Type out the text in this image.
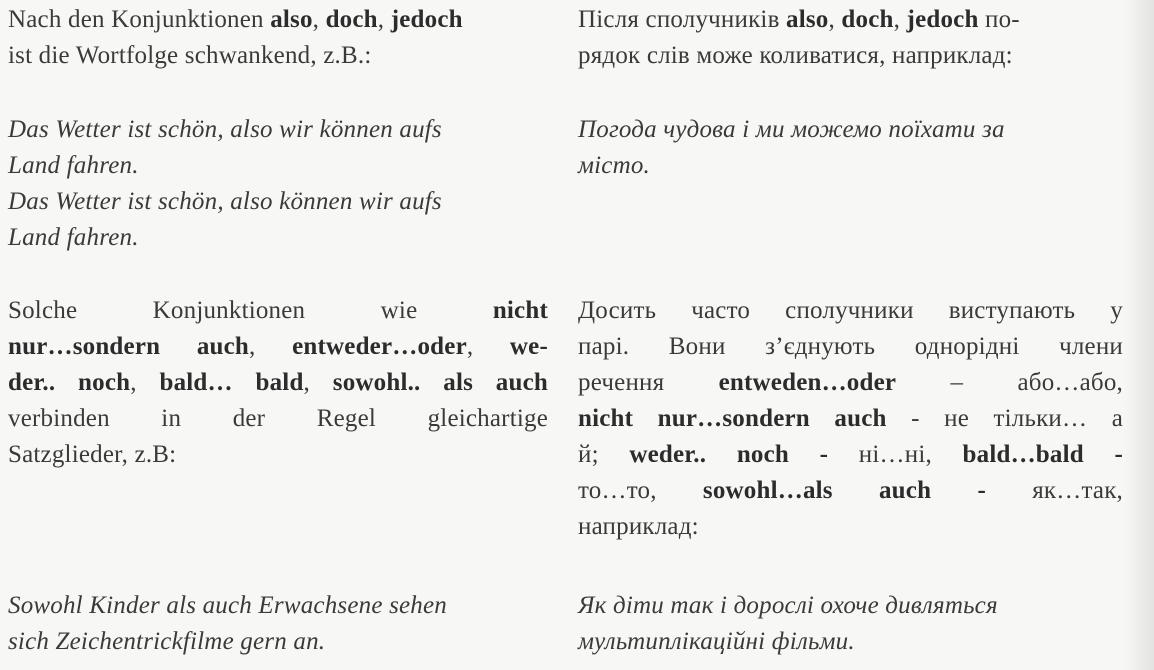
Nach den Konjunktionen also, doch, jedoch
ist die Wortfolge schwankend, z.B.:
Після сполучників also, doch, jedoch по-
рядок слів може коливатися, наприклад:
Das Wetter ist schön, also wir können aufs
Land fahren.
Das Wetter ist schön, also können wir aufs
Land fahren.
Погода чудова і ми можемо поїхати за
місто.
Solche Konjunktionen wie nicht
nur…sondern auch, entweder…oder, we-
der.. noch, bald… bald, sowohl.. als auch
verbinden in der Regel gleichartige
Satzglieder, z.B:
Досить часто сполучники виступають у
парі. Вони з’єднують однорідні члени
речення entweden…oder – або…або,
nicht nur…sondern auch - не тільки… а
й; weder.. noch - ні…ні, bald…bald -
то…то, sowohl…als auch - як…так,
наприклад:
Sowohl Kinder als auch Erwachsene sehen
sich Zeichentrickfilme gern an.
Як діти так і дорослі охоче дивляться
мультиплікаційні фільми.
